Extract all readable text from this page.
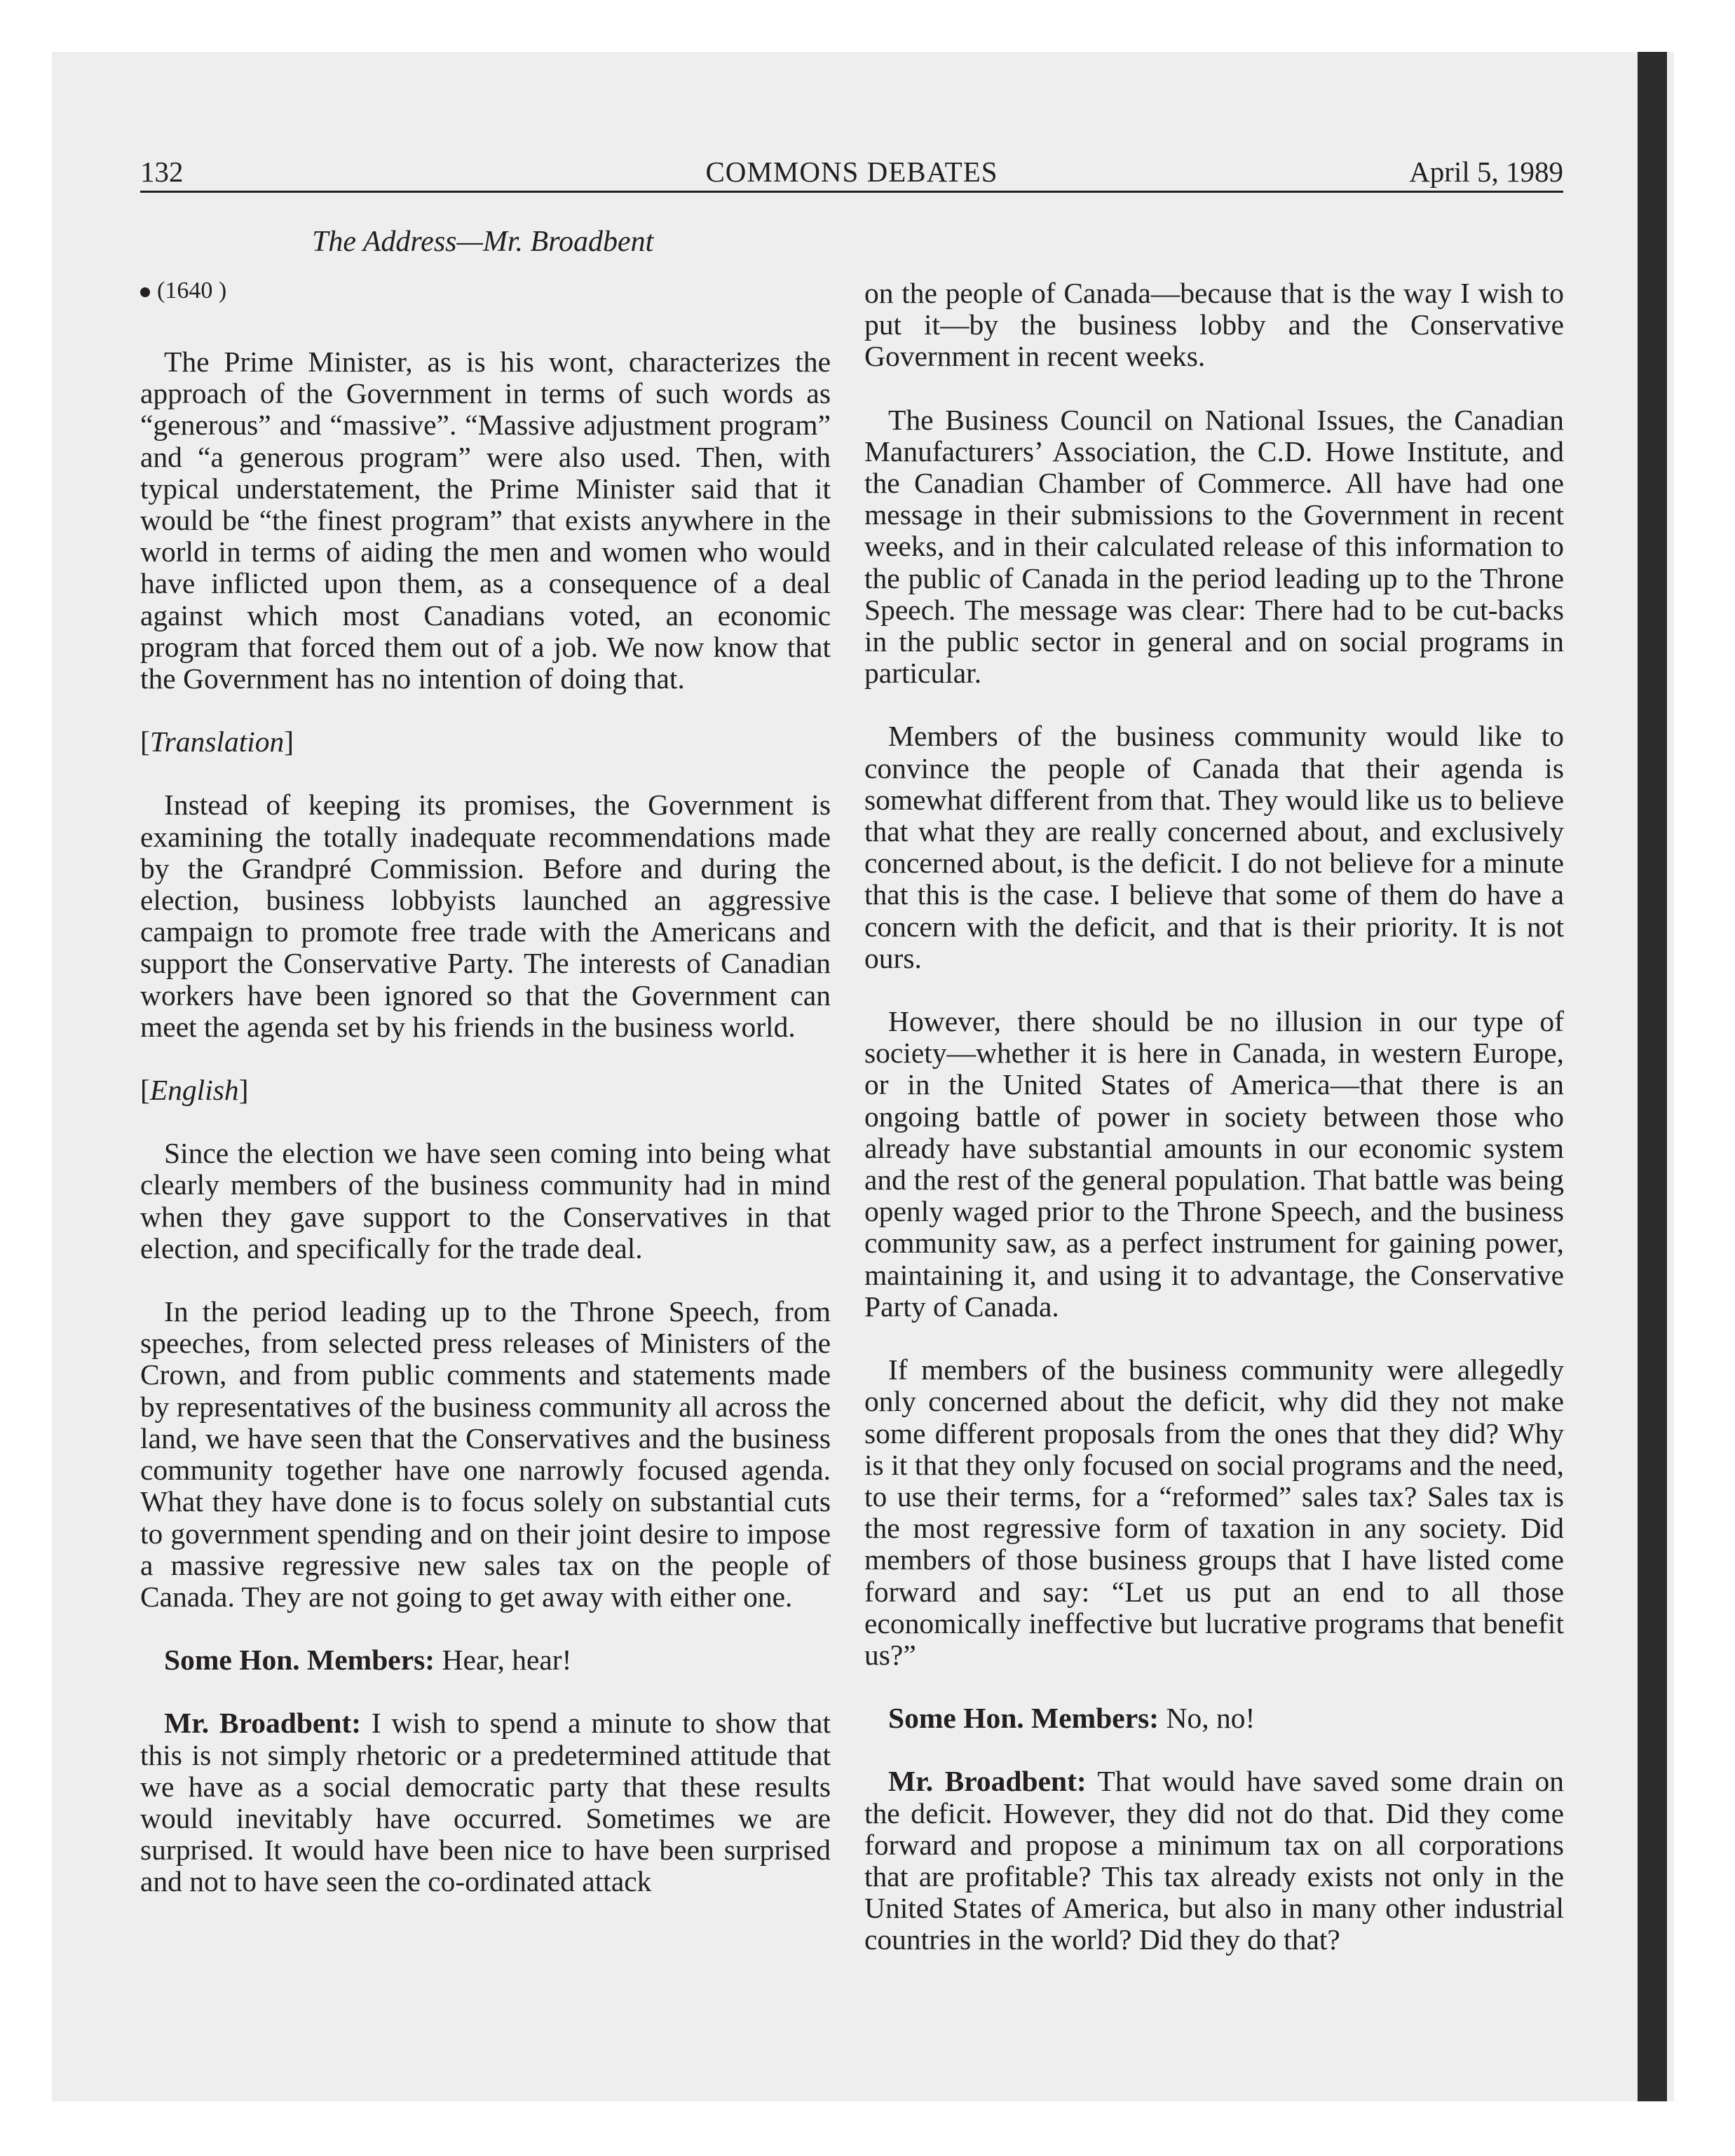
132	COMMONS DEBATES	April 5, 1989
The Address—Mr. Broadbent
(1640 )

The Prime Minister, as is his wont, characterizes the approach of the Government in terms of such words as “generous” and “massive”. “Massive adjustment program” and “a generous program” were also used. Then, with typical understatement, the Prime Minister said that it would be “the finest program” that exists anywhere in the world in terms of aiding the men and women who would have inflicted upon them, as a consequence of a deal against which most Canadians voted, an economic program that forced them out of a job. We now know that the Government has no intention of doing that.

[Translation]

Instead of keeping its promises, the Government is examining the totally inadequate recommendations made by the Grandpré Commission. Before and during the election, business lobbyists launched an aggressive campaign to promote free trade with the Americans and support the Conservative Party. The interests of Canadian workers have been ignored so that the Government can meet the agenda set by his friends in the business world.

[English]

Since the election we have seen coming into being what clearly members of the business community had in mind when they gave support to the Conservatives in that election, and specifically for the trade deal.

In the period leading up to the Throne Speech, from speeches, from selected press releases of Ministers of the Crown, and from public comments and statements made by representatives of the business community all across the land, we have seen that the Conservatives and the business community together have one narrowly focused agenda. What they have done is to focus solely on substantial cuts to government spending and on their joint desire to impose a massive regressive new sales tax on the people of Canada. They are not going to get away with either one.

Some Hon. Members: Hear, hear!

Mr. Broadbent: I wish to spend a minute to show that this is not simply rhetoric or a predetermined attitude that we have as a social democratic party that these results would inevitably have occurred. Sometimes we are surprised. It would have been nice to have been surprised and not to have seen the co-ordinated attack

on the people of Canada—because that is the way I wish to put it—by the business lobby and the Conservative Government in recent weeks.

The Business Council on National Issues, the Canadian Manufacturers’ Association, the C.D. Howe Institute, and the Canadian Chamber of Commerce. All have had one message in their submissions to the Government in recent weeks, and in their calculated release of this information to the public of Canada in the period leading up to the Throne Speech. The message was clear: There had to be cut-backs in the public sector in general and on social programs in particular.

Members of the business community would like to convince the people of Canada that their agenda is somewhat different from that. They would like us to believe that what they are really concerned about, and exclusively concerned about, is the deficit. I do not believe for a minute that this is the case. I believe that some of them do have a concern with the deficit, and that is their priority. It is not ours.

However, there should be no illusion in our type of society—whether it is here in Canada, in western Europe, or in the United States of America—that there is an ongoing battle of power in society between those who already have substantial amounts in our economic system and the rest of the general population. That battle was being openly waged prior to the Throne Speech, and the business community saw, as a perfect instrument for gaining power, maintaining it, and using it to advantage, the Conservative Party of Canada.

If members of the business community were allegedly only concerned about the deficit, why did they not make some different proposals from the ones that they did? Why is it that they only focused on social programs and the need, to use their terms, for a “reformed” sales tax? Sales tax is the most regressive form of taxation in any society. Did members of those business groups that I have listed come forward and say: “Let us put an end to all those economically ineffective but lucrative programs that benefit us?”

Some Hon. Members: No, no!

Mr. Broadbent: That would have saved some drain on the deficit. However, they did not do that. Did they come forward and propose a minimum tax on all corporations that are profitable? This tax already exists not only in the United States of America, but also in many other industrial countries in the world? Did they do that?
